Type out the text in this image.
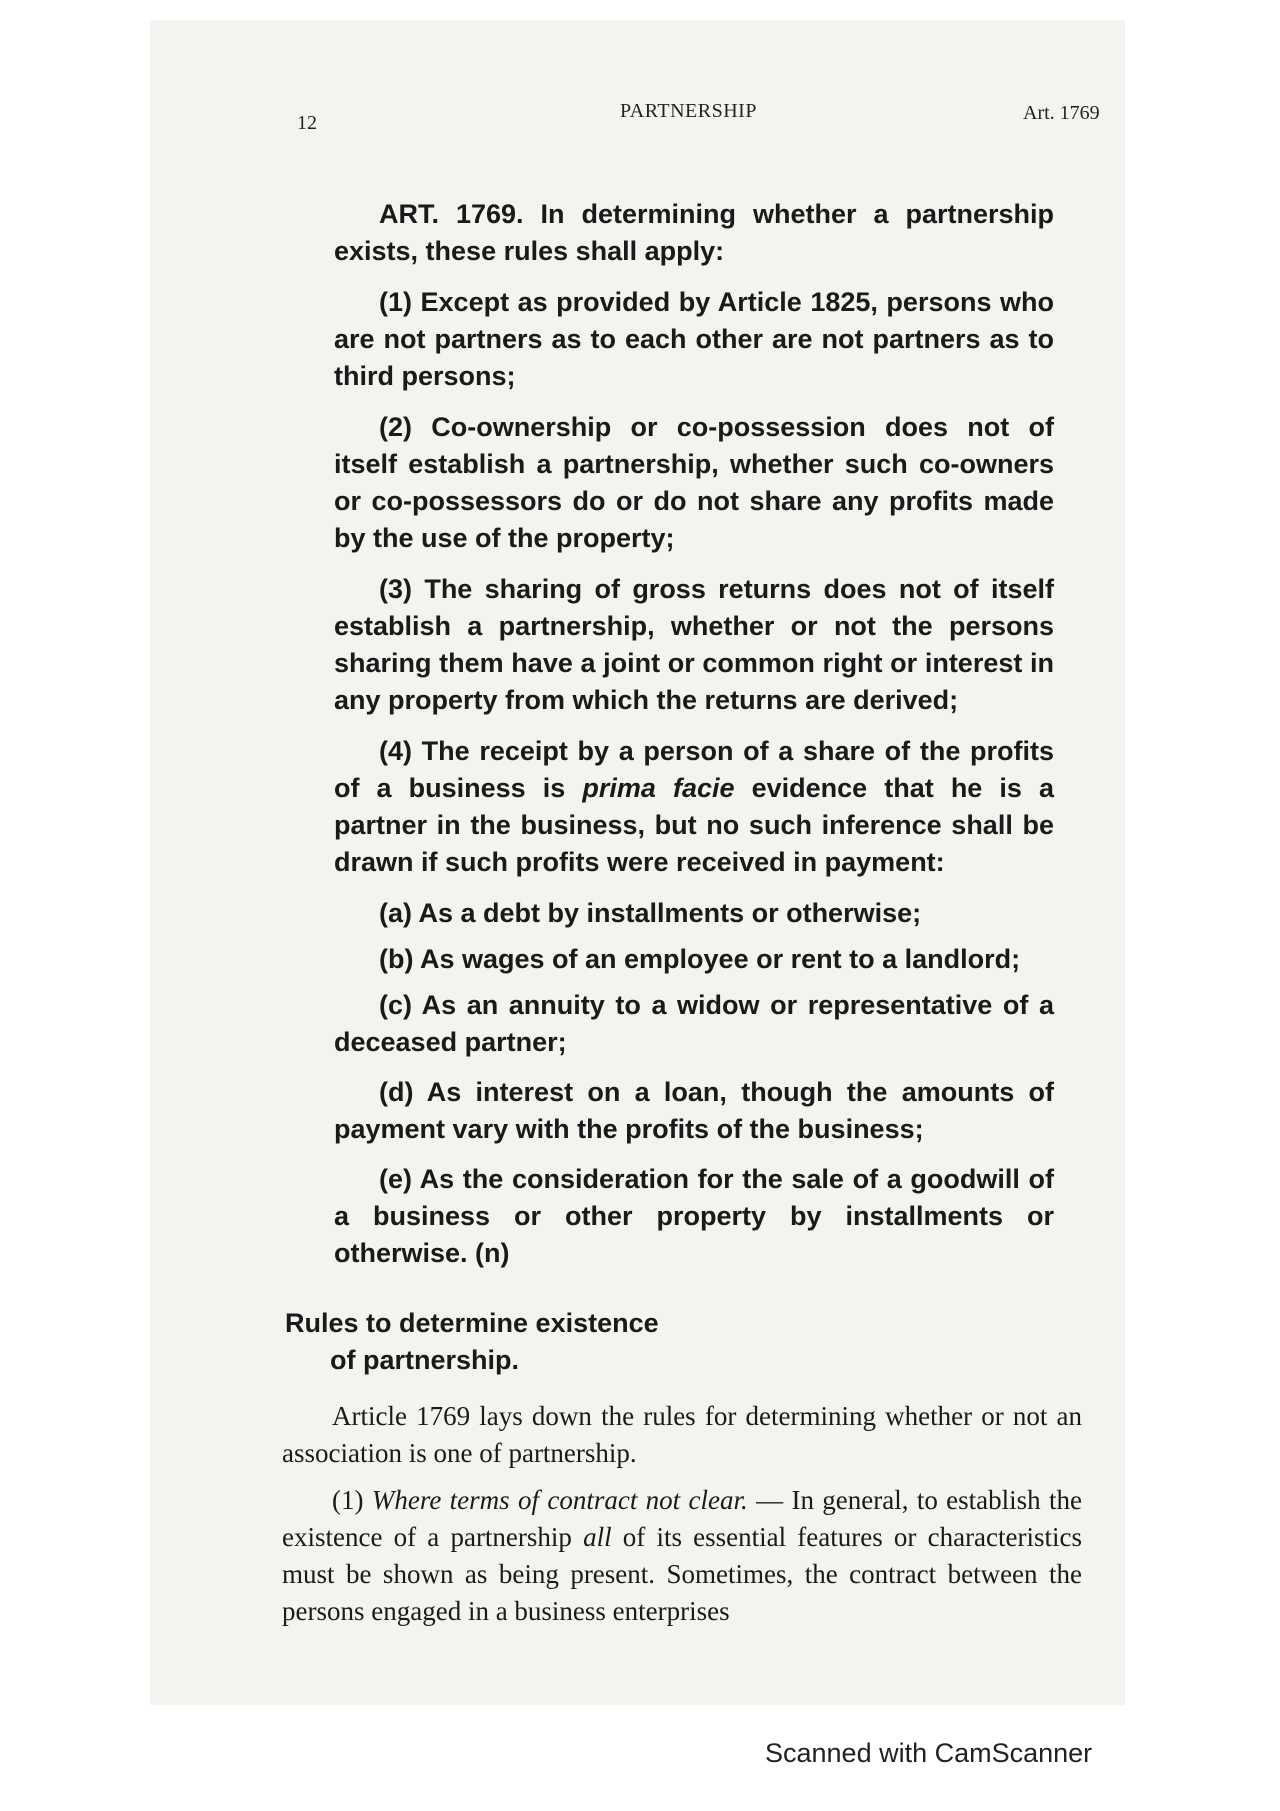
12
PARTNERSHIP	Art. 1769

ART. 1769. In determining whether a partnership exists, these rules shall apply:

(1) Except as provided by Article 1825, persons who are not partners as to each other are not partners as to third persons;

(2) Co-ownership or co-possession does not of itself establish a partnership, whether such co-owners or co-possessors do or do not share any profits made by the use of the property;

(3) The sharing of gross returns does not of itself establish a partnership, whether or not the persons sharing them have a joint or common right or interest in any property from which the returns are derived;

(4) The receipt by a person of a share of the profits of a business is prima facie evidence that he is a partner in the business, but no such inference shall be drawn if such profits were received in payment:

(a) As a debt by installments or otherwise;

(b) As wages of an employee or rent to a landlord;

(c) As an annuity to a widow or representative of a deceased partner;

(d) As interest on a loan, though the amounts of payment vary with the profits of the business;

(e) As the consideration for the sale of a goodwill of a business or other property by installments or otherwise. (n)

Rules to determine existence
of partnership.

Article 1769 lays down the rules for determining whether or not an association is one of partnership.

(1) Where terms of contract not clear. — In general, to establish the existence of a partnership all of its essential features or characteristics must be shown as being present. Sometimes, the contract between the persons engaged in a business enterprises

Scanned with CamScanner
